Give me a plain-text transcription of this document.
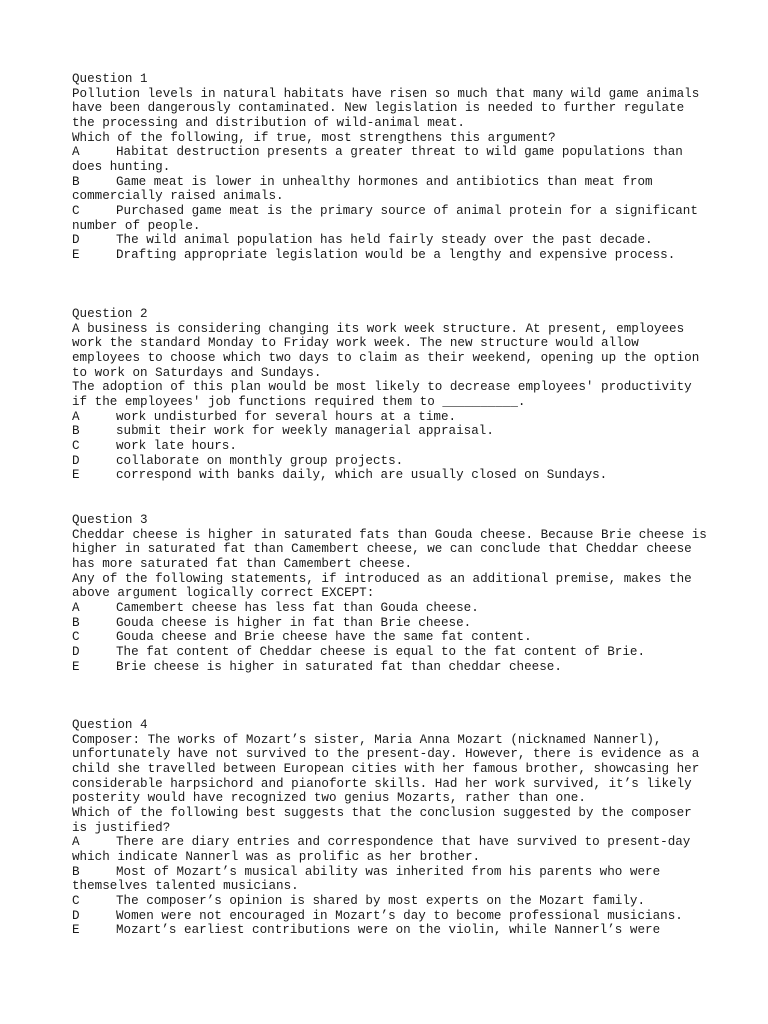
Question 1
Pollution levels in natural habitats have risen so much that many wild game animals have been dangerously contaminated. New legislation is needed to further regulate the processing and distribution of wild-animal meat.
Which of the following, if true, most strengthens this argument?
A	Habitat destruction presents a greater threat to wild game populations than does hunting.
B	Game meat is lower in unhealthy hormones and antibiotics than meat from commercially raised animals.
C	Purchased game meat is the primary source of animal protein for a significant number of people.
D	The wild animal population has held fairly steady over the past decade.
E	Drafting appropriate legislation would be a lengthy and expensive process.
Question 2
A business is considering changing its work week structure. At present, employees work the standard Monday to Friday work week. The new structure would allow employees to choose which two days to claim as their weekend, opening up the option to work on Saturdays and Sundays.
The adoption of this plan would be most likely to decrease employees' productivity if the employees' job functions required them to __________.
A	work undisturbed for several hours at a time.
B	submit their work for weekly managerial appraisal.
C	work late hours.
D	collaborate on monthly group projects.
E	correspond with banks daily, which are usually closed on Sundays.
Question 3
Cheddar cheese is higher in saturated fats than Gouda cheese. Because Brie cheese is higher in saturated fat than Camembert cheese, we can conclude that Cheddar cheese has more saturated fat than Camembert cheese.
Any of the following statements, if introduced as an additional premise, makes the above argument logically correct EXCEPT:
A	Camembert cheese has less fat than Gouda cheese.
B	Gouda cheese is higher in fat than Brie cheese.
C	Gouda cheese and Brie cheese have the same fat content.
D	The fat content of Cheddar cheese is equal to the fat content of Brie.
E	Brie cheese is higher in saturated fat than cheddar cheese.
Question 4
Composer: The works of Mozart’s sister, Maria Anna Mozart (nicknamed Nannerl), unfortunately have not survived to the present-day. However, there is evidence as a child she travelled between European cities with her famous brother, showcasing her considerable harpsichord and pianoforte skills. Had her work survived, it’s likely posterity would have recognized two genius Mozarts, rather than one.
Which of the following best suggests that the conclusion suggested by the composer is justified?
A	There are diary entries and correspondence that have survived to present-day which indicate Nannerl was as prolific as her brother.
B	Most of Mozart’s musical ability was inherited from his parents who were themselves talented musicians.
C	The composer’s opinion is shared by most experts on the Mozart family.
D	Women were not encouraged in Mozart’s day to become professional musicians.
E	Mozart’s earliest contributions were on the violin, while Nannerl’s were
